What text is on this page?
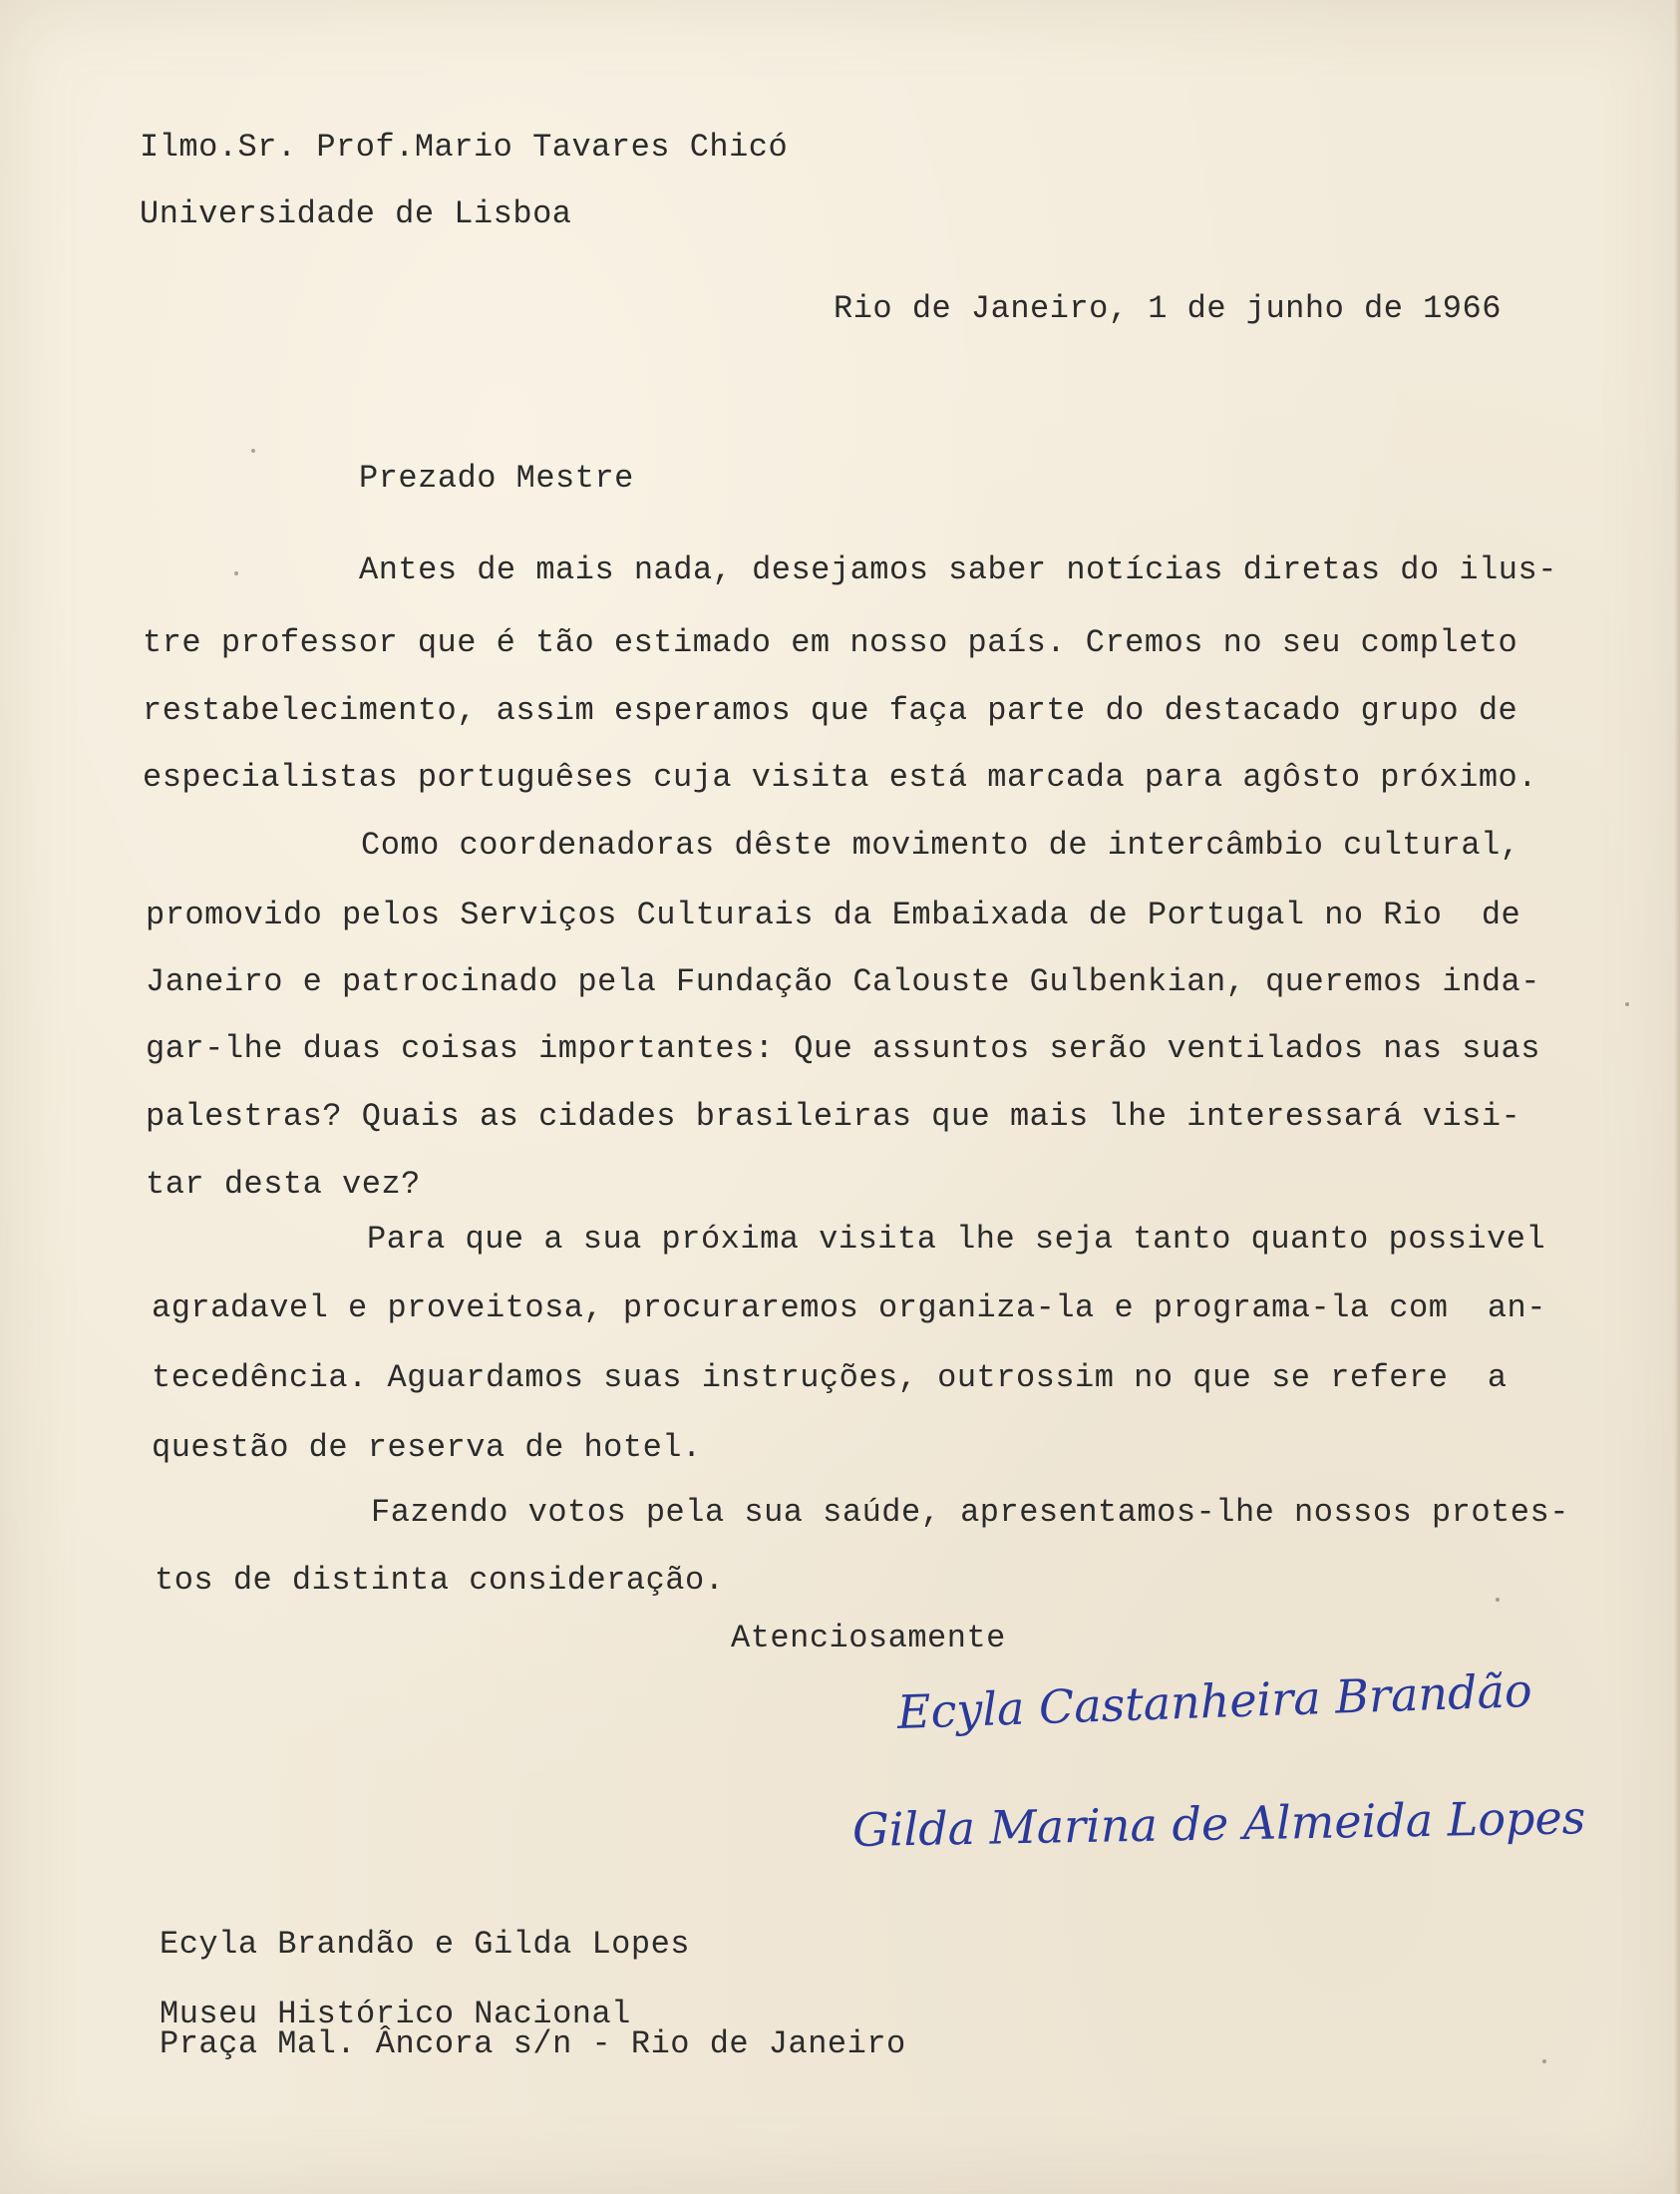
Ilmo.Sr. Prof.Mario Tavares Chicó
Universidade de Lisboa
Rio de Janeiro, 1 de junho de 1966
Prezado Mestre
Antes de mais nada, desejamos saber notícias diretas do ilus-
tre professor que é tão estimado em nosso país. Cremos no seu completo
restabelecimento, assim esperamos que faça parte do destacado grupo de
especialistas portuguêses cuja visita está marcada para agôsto próximo.
Como coordenadoras dêste movimento de intercâmbio cultural,
promovido pelos Serviços Culturais da Embaixada de Portugal no Rio  de
Janeiro e patrocinado pela Fundação Calouste Gulbenkian, queremos inda-
gar-lhe duas coisas importantes: Que assuntos serão ventilados nas suas
palestras? Quais as cidades brasileiras que mais lhe interessará visi-
tar desta vez?
Para que a sua próxima visita lhe seja tanto quanto possivel
agradavel e proveitosa, procuraremos organiza-la e programa-la com  an-
tecedência. Aguardamos suas instruções, outrossim no que se refere  a
questão de reserva de hotel.
Fazendo votos pela sua saúde, apresentamos-lhe nossos protes-
tos de distinta consideração.
Atenciosamente
Ecyla Castanheira Brandão
Gilda Marina de Almeida Lopes
Ecyla Brandão e Gilda Lopes
Museu Histórico Nacional
Praça Mal. Âncora s/n - Rio de Janeiro
